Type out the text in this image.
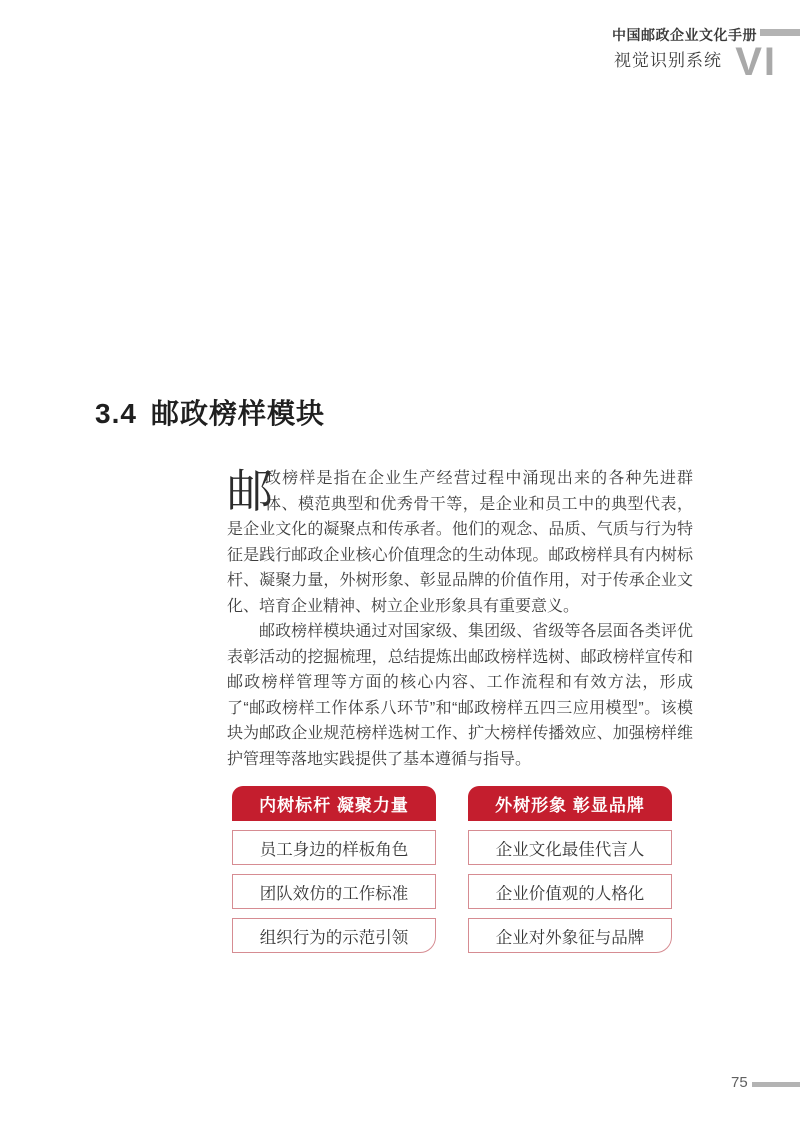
中国邮政企业文化手册
视觉识别系统 VI
3.4 邮政榜样模块

邮
政榜样是指在企业生产经营过程中涌现出来的各种先进群体、模范典型和优秀骨干等，是企业和员工中的典型代表，是企业文化的凝聚点和传承者。他们的观念、品质、气质与行为特征是践行邮政企业核心价值理念的生动体现。邮政榜样具有内树标杆、凝聚力量，外树形象、彰显品牌的价值作用，对于传承企业文化、培育企业精神、树立企业形象具有重要意义。

邮政榜样模块通过对国家级、集团级、省级等各层面各类评优表彰活动的挖掘梳理，总结提炼出邮政榜样选树、邮政榜样宣传和邮政榜样管理等方面的核心内容、工作流程和有效方法，形成了“邮政榜样工作体系八环节”和“邮政榜样五四三应用模型”。该模块为邮政企业规范榜样选树工作、扩大榜样传播效应、加强榜样维护管理等落地实践提供了基本遵循与指导。

内树标杆 凝聚力量
员工身边的样板角色
团队效仿的工作标准
组织行为的示范引领
外树形象 彰显品牌
企业文化最佳代言人
企业价值观的人格化
企业对外象征与品牌
75
